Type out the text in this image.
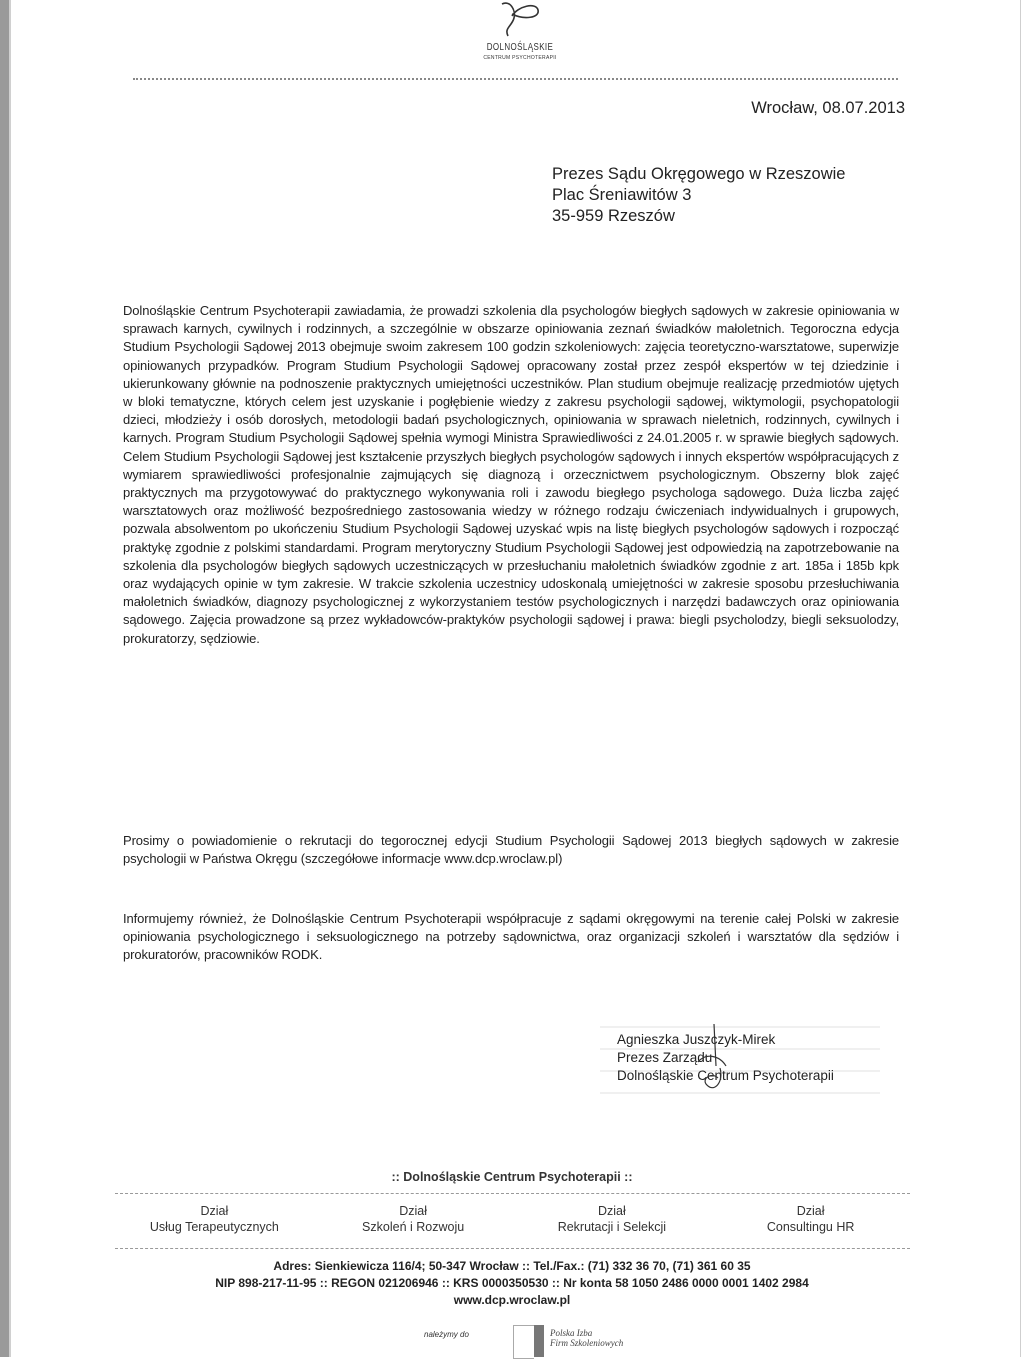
DOLNOŚLĄSKIE
CENTRUM PSYCHOTERAPII
Wrocław, 08.07.2013
Prezes Sądu Okręgowego w Rzeszowie
Plac Śreniawitów 3
35-959 Rzeszów
Dolnośląskie Centrum Psychoterapii zawiadamia, że prowadzi szkolenia dla psychologów biegłych sądowych w zakresie opiniowania w sprawach karnych, cywilnych i rodzinnych, a szczególnie w obszarze opiniowania zeznań świadków małoletnich. Tegoroczna edycja Studium Psychologii Sądowej 2013 obejmuje swoim zakresem 100 godzin szkoleniowych: zajęcia teoretyczno-warsztatowe, superwizje opiniowanych przypadków. Program Studium Psychologii Sądowej opracowany został przez zespół ekspertów w tej dziedzinie i ukierunkowany głównie na podnoszenie praktycznych umiejętności uczestników. Plan studium obejmuje realizację przedmiotów ujętych w bloki tematyczne, których celem jest uzyskanie i pogłębienie wiedzy z zakresu psychologii sądowej, wiktymologii, psychopatologii dzieci, młodzieży i osób dorosłych, metodologii badań psychologicznych, opiniowania w sprawach nieletnich, rodzinnych, cywilnych i karnych. Program Studium Psychologii Sądowej spełnia wymogi Ministra Sprawiedliwości z 24.01.2005 r. w sprawie biegłych sądowych. Celem Studium Psychologii Sądowej jest kształcenie przyszłych biegłych psychologów sądowych i innych ekspertów współpracujących z wymiarem sprawiedliwości profesjonalnie zajmujących się diagnozą i orzecznictwem psychologicznym. Obszerny blok zajęć praktycznych ma przygotowywać do praktycznego wykonywania roli i zawodu biegłego psychologa sądowego. Duża liczba zajęć warsztatowych oraz możliwość bezpośredniego zastosowania wiedzy w różnego rodzaju ćwiczeniach indywidualnych i grupowych, pozwala absolwentom po ukończeniu Studium Psychologii Sądowej uzyskać wpis na listę biegłych psychologów sądowych i rozpocząć praktykę zgodnie z polskimi standardami. Program merytoryczny Studium Psychologii Sądowej jest odpowiedzią na zapotrzebowanie na szkolenia dla psychologów biegłych sądowych uczestniczących w przesłuchaniu małoletnich świadków zgodnie z art. 185a i 185b kpk oraz wydających opinie w tym zakresie. W trakcie szkolenia uczestnicy udoskonalą umiejętności w zakresie sposobu przesłuchiwania małoletnich świadków, diagnozy psychologicznej z wykorzystaniem testów psychologicznych i narzędzi badawczych oraz opiniowania sądowego. Zajęcia prowadzone są przez wykładowców-praktyków psychologii sądowej i prawa: biegli psycholodzy, biegli seksuolodzy, prokuratorzy, sędziowie.
Prosimy o powiadomienie o rekrutacji do tegorocznej edycji Studium Psychologii Sądowej 2013 biegłych sądowych w zakresie psychologii w Państwa Okręgu (szczegółowe informacje www.dcp.wroclaw.pl)
Informujemy również, że Dolnośląskie Centrum Psychoterapii współpracuje z sądami okręgowymi na terenie całej Polski w zakresie opiniowania psychologicznego i seksuologicznego na potrzeby sądownictwa, oraz organizacji szkoleń i warsztatów dla sędziów i prokuratorów, pracowników RODK.
Agnieszka Juszczyk-Mirek
Prezes Zarządu
Dolnośląskie Centrum Psychoterapii
:: Dolnośląskie Centrum Psychoterapii ::
Dział
Usług Terapeutycznych
Dział
Szkoleń i Rozwoju
Dział
Rekrutacji i Selekcji
Dział
Consultingu HR
Adres: Sienkiewicza 116/4; 50-347 Wrocław :: Tel./Fax.: (71) 332 36 70, (71) 361 60 35
NIP 898-217-11-95 :: REGON 021206946 :: KRS 0000350530 :: Nr konta 58 1050 2486 0000 0001 1402 2984
www.dcp.wroclaw.pl
należymy do	Polska Izba
Firm Szkoleniowych
